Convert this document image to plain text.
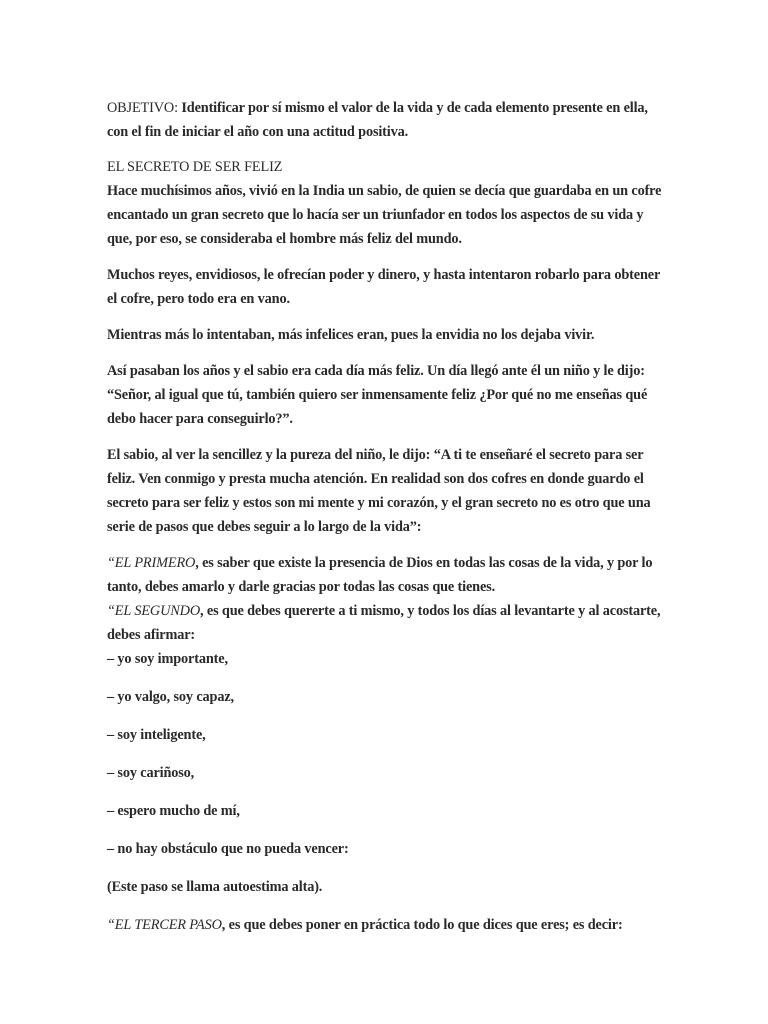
OBJETIVO: Identificar por sí mismo el valor de la vida y de cada elemento presente en ella, con el fin de iniciar el año con una actitud positiva.

EL SECRETO DE SER FELIZ

Hace muchísimos años, vivió en la India un sabio, de quien se decía que guardaba en un cofre encantado un gran secreto que lo hacía ser un triunfador en todos los aspectos de su vida y que, por eso, se consideraba el hombre más feliz del mundo.

Muchos reyes, envidiosos, le ofrecían poder y dinero, y hasta intentaron robarlo para obtener el cofre, pero todo era en vano.

Mientras más lo intentaban, más infelices eran, pues la envidia no los dejaba vivir.

Así pasaban los años y el sabio era cada día más feliz. Un día llegó ante él un niño y le dijo: “Señor, al igual que tú, también quiero ser inmensamente feliz ¿Por qué no me enseñas qué debo hacer para conseguirlo?”.

El sabio, al ver la sencillez y la pureza del niño, le dijo: “A ti te enseñaré el secreto para ser feliz. Ven conmigo y presta mucha atención. En realidad son dos cofres en donde guardo el secreto para ser feliz y estos son mi mente y mi corazón, y el gran secreto no es otro que una serie de pasos que debes seguir a lo largo de la vida”:

“EL PRIMERO, es saber que existe la presencia de Dios en todas las cosas de la vida, y por lo tanto, debes amarlo y darle gracias por todas las cosas que tienes.

“EL SEGUNDO, es que debes quererte a ti mismo, y todos los días al levantarte y al acostarte, debes afirmar:

– yo soy importante,

– yo valgo, soy capaz,

– soy inteligente,

– soy cariñoso,

– espero mucho de mí,

– no hay obstáculo que no pueda vencer:

(Este paso se llama autoestima alta).

“EL TERCER PASO, es que debes poner en práctica todo lo que dices que eres; es decir:
